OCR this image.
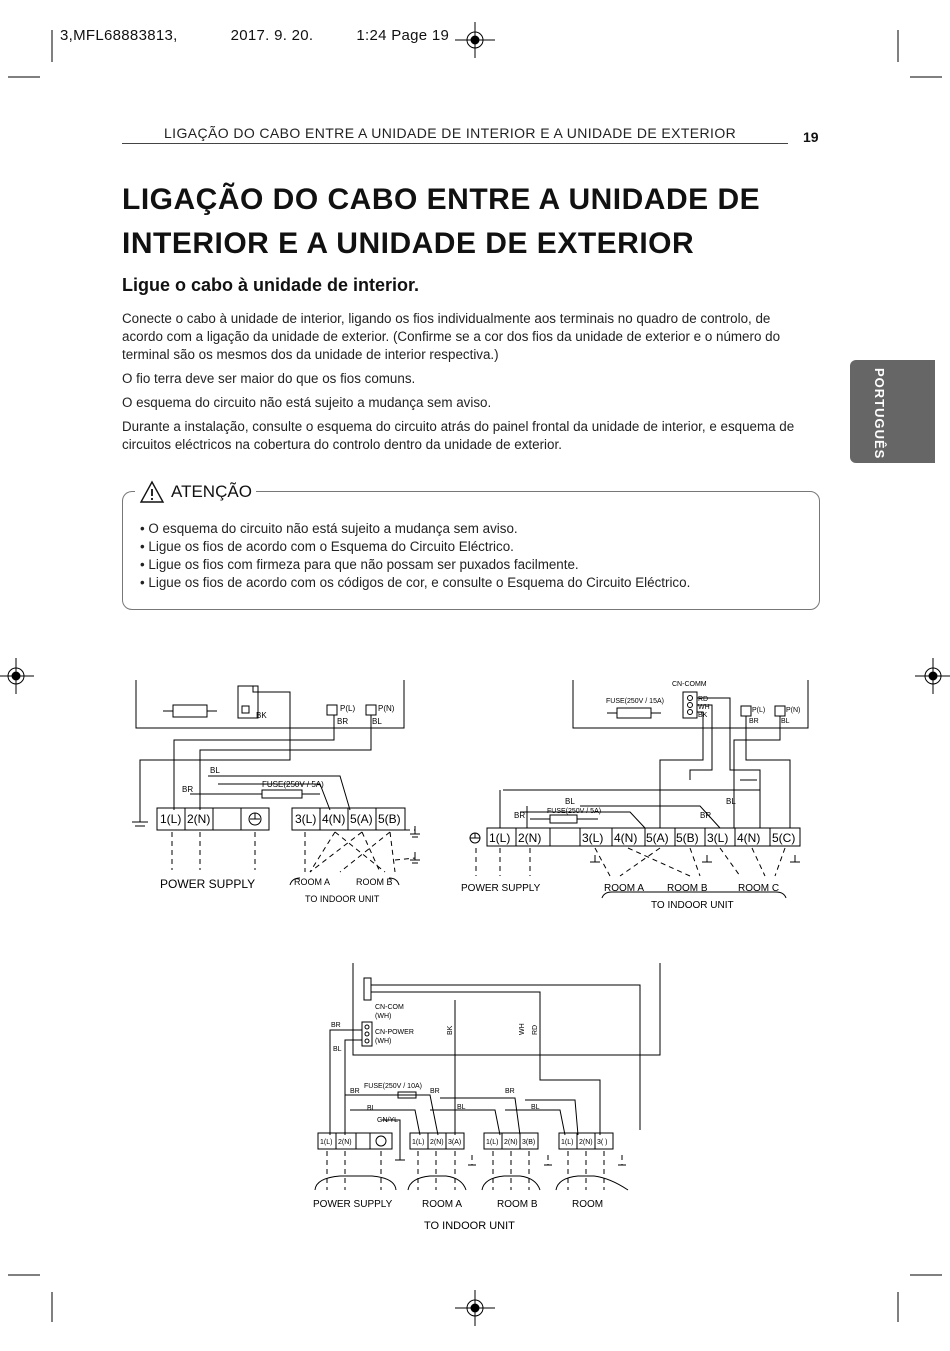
3,MFL68883813,	2017. 9. 20.	1:24 Page 19
LIGAÇÃO DO CABO ENTRE A UNIDADE DE INTERIOR E A UNIDADE DE EXTERIOR	19
LIGAÇÃO DO CABO ENTRE A UNIDADE DE
INTERIOR E A UNIDADE DE EXTERIOR
Ligue o cabo à unidade de interior.

Conecte o cabo à unidade de interior, ligando os fios individualmente aos terminais no quadro de controlo, de acordo com a ligação da unidade de exterior. (Confirme se a cor dos fios da unidade de exterior e o número do terminal são os mesmos dos da unidade de interior respectiva.)

O fio terra deve ser maior do que os fios comuns.

O esquema do circuito não está sujeito a mudança sem aviso.

Durante a instalação, consulte o esquema do circuito atrás do painel frontal da unidade de interior, e esquema de circuitos eléctricos na cobertura do controlo dentro da unidade de exterior.	PORTUGUÊS
ATENÇÃO
• O esquema do circuito não está sujeito a mudança sem aviso.
• Ligue os fios de acordo com o Esquema do Circuito Eléctrico.
• Ligue os fios com firmeza para que não possam ser puxados facilmente.
• Ligue os fios de acordo com os códigos de cor, e consulte o Esquema do Circuito Eléctrico.
P(L)	P(N)
BK
BR	BL
BL
BR
FUSE(250V / 5A)
1(L) 2(N)	3(L) 4(N) 5(A) 5(B)
POWER SUPPLY	ROOM A	ROOM B
TO INDOOR UNIT
CN-COMM
FUSE(250V / 15A)	RD
WH
BK
P(L)	P(N)
BR	BL
FUSE(250V / 5A)
BL
BR
BL
BR
1(L) 2(N)	3(L) 4(N) 5(A) 5(B) 3(L) 4(N) 5(C)
POWER SUPPLY	ROOM A ROOM B	ROOM C
TO INDOOR UNIT
CN-COM
(WH)
CN-POWER
(WH)
BK	WH RD
BR
BL
BR
FUSE(250V / 10A)
BR	BR
BL	BL	BL
GN/YL
1(L) 2(N)	1(L) 2(N) 3(A)	1(L) 2(N) 3(B)	1(L) 2(N) 3( )
POWER SUPPLY	ROOM A	ROOM B	ROOM
TO INDOOR UNIT
